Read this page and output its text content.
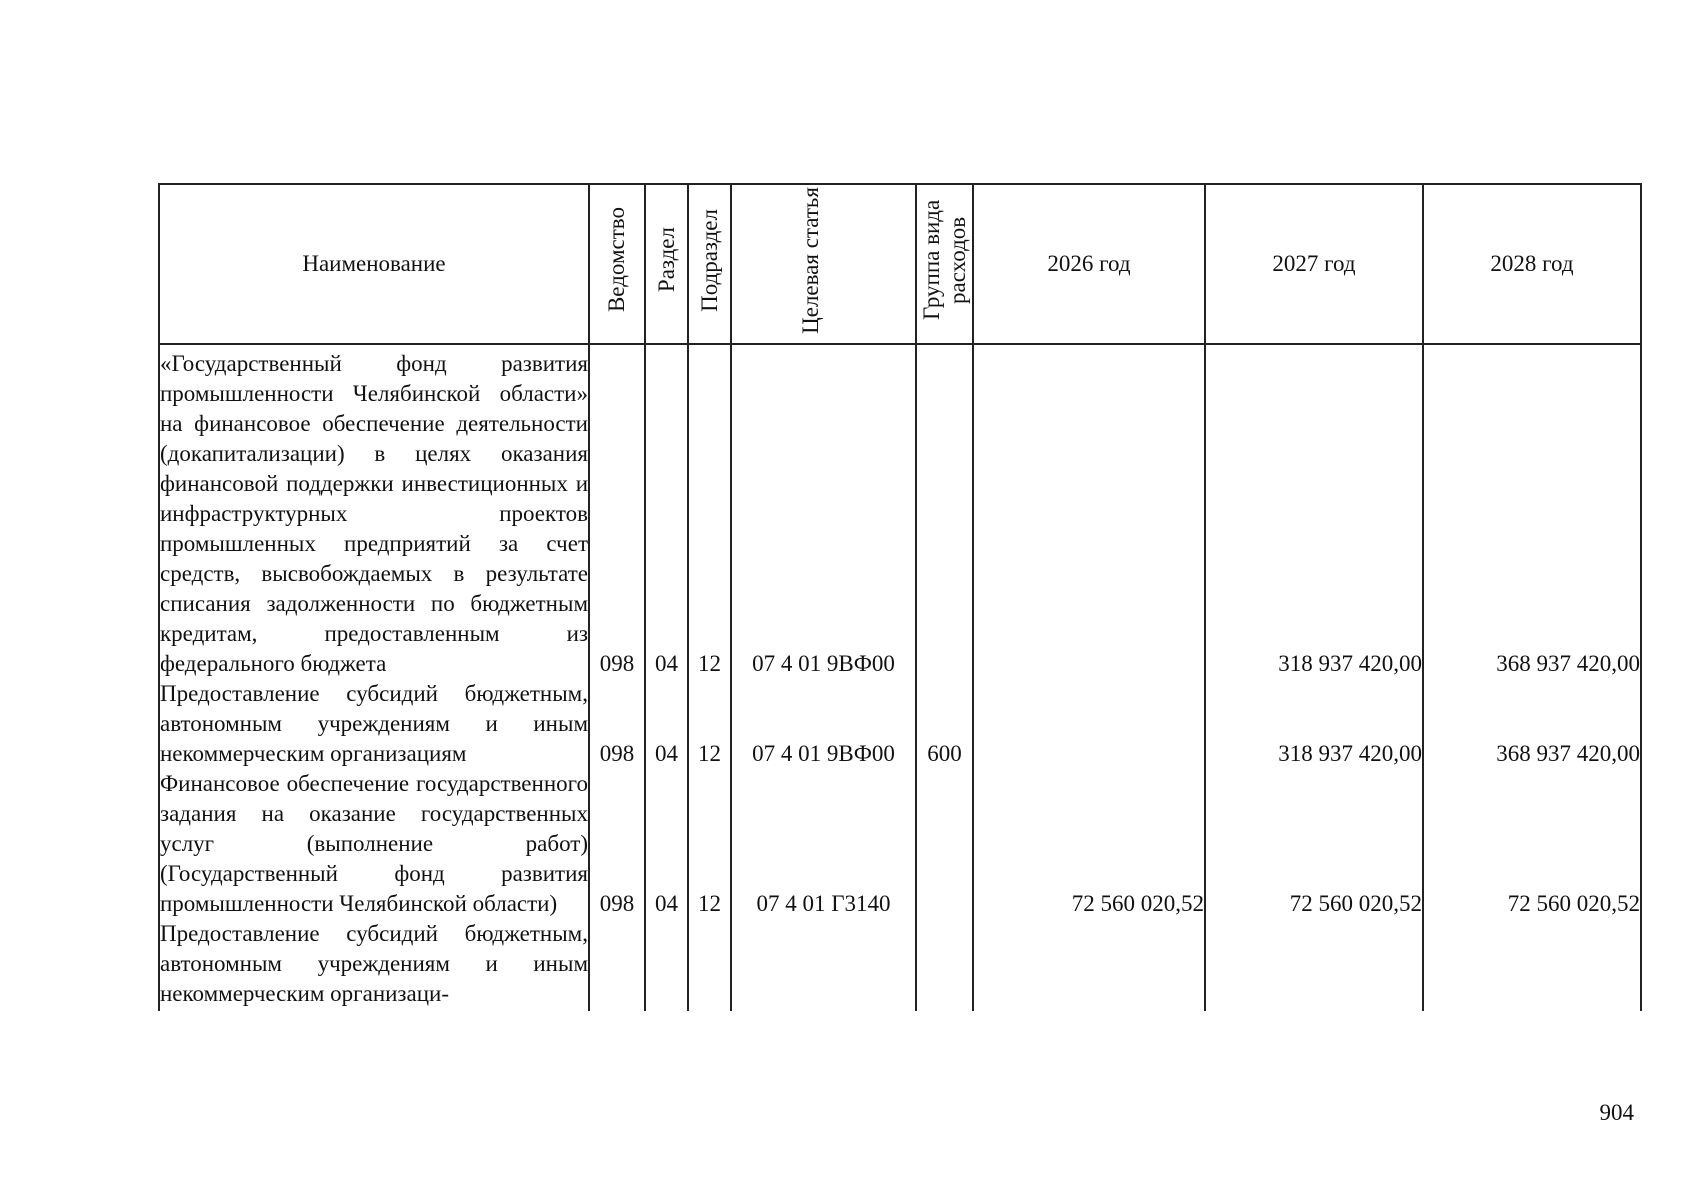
Наименование	Ведомство	Раздел	Подраздел	Целевая статья	Группа вида расходов	2026 год	2027 год	2028 год
«Государственный фонд развития промышленности Челябинской области» на финансовое обеспечение деятельности (докапитализации) в целях оказания финансовой поддержки инвестиционных и инфраструктурных проектов промышленных предприятий за счет средств, высвобождаемых в результате списания задолженности по бюджетным кредитам, предоставленным из федерального бюджета	098	04	12	07 4 01 9ВФ00			318 937 420,00	368 937 420,00
Предоставление субсидий бюджетным, автономным учреждениям и иным некоммерческим организациям	098	04	12	07 4 01 9ВФ00	600		318 937 420,00	368 937 420,00
Финансовое обеспечение государственного задания на оказание государственных услуг (выполнение работ) (Государственный фонд развития промышленности Челябинской области)	098	04	12	07 4 01 Г3140		72 560 020,52	72 560 020,52	72 560 020,52
Предоставление субсидий бюджетным, автономным учреждениям и иным некоммерческим организаци-								
904
